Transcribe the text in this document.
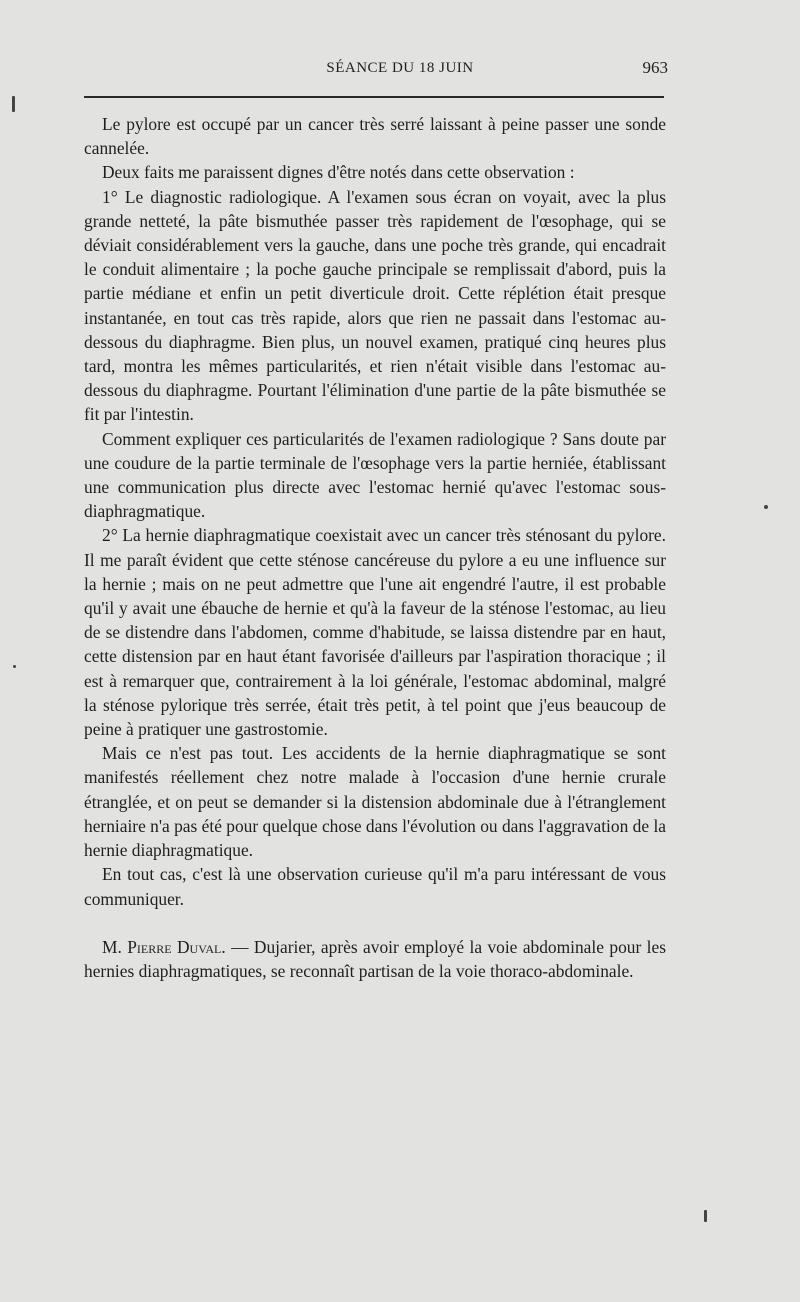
SÉANCE DU 18 JUIN	963

Le pylore est occupé par un cancer très serré laissant à peine passer une sonde cannelée.

Deux faits me paraissent dignes d'être notés dans cette observation :

1° Le diagnostic radiologique. A l'examen sous écran on voyait, avec la plus grande netteté, la pâte bismuthée passer très rapidement de l'œsophage, qui se déviait considérablement vers la gauche, dans une poche très grande, qui encadrait le conduit alimentaire ; la poche gauche principale se remplissait d'abord, puis la partie médiane et enfin un petit diverticule droit. Cette réplétion était presque instantanée, en tout cas très rapide, alors que rien ne passait dans l'estomac au-dessous du diaphragme. Bien plus, un nouvel examen, pratiqué cinq heures plus tard, montra les mêmes particularités, et rien n'était visible dans l'estomac au-dessous du diaphragme. Pourtant l'élimination d'une partie de la pâte bismuthée se fit par l'intestin.

Comment expliquer ces particularités de l'examen radiologique ? Sans doute par une coudure de la partie terminale de l'œsophage vers la partie herniée, établissant une communication plus directe avec l'estomac hernié qu'avec l'estomac sous-diaphragmatique.

2° La hernie diaphragmatique coexistait avec un cancer très sténosant du pylore. Il me paraît évident que cette sténose cancéreuse du pylore a eu une influence sur la hernie ; mais on ne peut admettre que l'une ait engendré l'autre, il est probable qu'il y avait une ébauche de hernie et qu'à la faveur de la sténose l'estomac, au lieu de se distendre dans l'abdomen, comme d'habitude, se laissa distendre par en haut, cette distension par en haut étant favorisée d'ailleurs par l'aspiration thoracique ; il est à remarquer que, contrairement à la loi générale, l'estomac abdominal, malgré la sténose pylorique très serrée, était très petit, à tel point que j'eus beaucoup de peine à pratiquer une gastrostomie.

Mais ce n'est pas tout. Les accidents de la hernie diaphragmatique se sont manifestés réellement chez notre malade à l'occasion d'une hernie crurale étranglée, et on peut se demander si la distension abdominale due à l'étranglement herniaire n'a pas été pour quelque chose dans l'évolution ou dans l'aggravation de la hernie diaphragmatique.

En tout cas, c'est là une observation curieuse qu'il m'a paru intéressant de vous communiquer.

M. Pierre Duval. — Dujarier, après avoir employé la voie abdominale pour les hernies diaphragmatiques, se reconnaît partisan de la voie thoraco-abdominale.
